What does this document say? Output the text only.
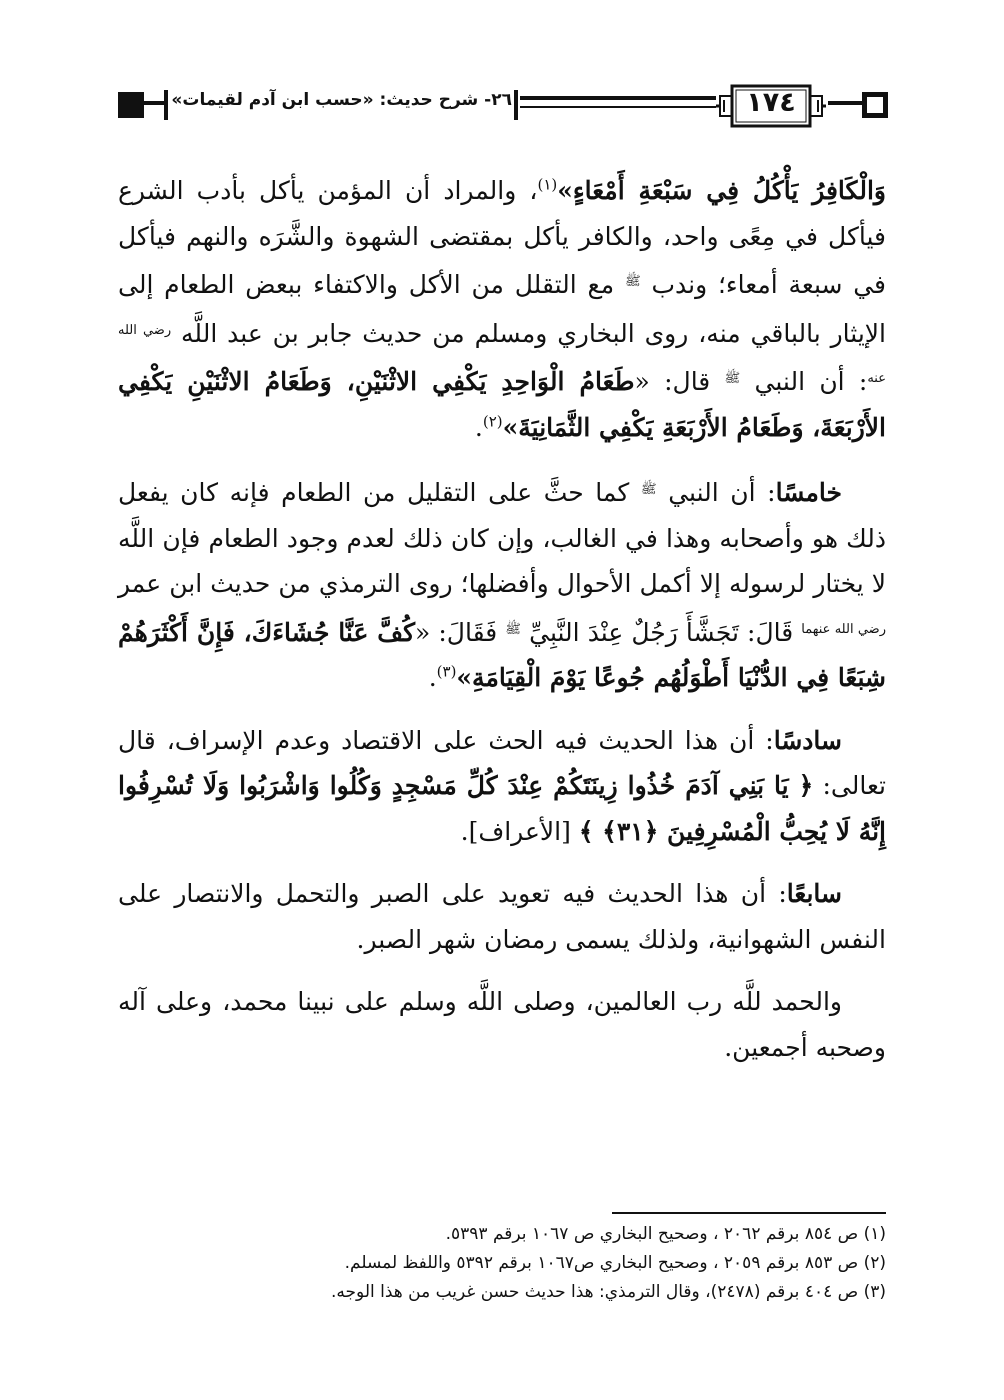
١٧٤
٢٦- شرح حديث: «حسب ابن آدم لقيمات»

وَالْكَافِرُ يَأْكُلُ فِي سَبْعَةِ أَمْعَاءٍ»$^{(١)}$، والمراد أن المؤمن يأكل بأدب الشرع فيأكل في مِعًى واحد، والكافر يأكل بمقتضى الشهوة والشَّرَه والنهم فيأكل في سبعة أمعاء؛ وندب $^ﷺ$ مع التقلل من الأكل والاكتفاء ببعض الطعام إلى الإيثار بالباقي منه، روى البخاري ومسلم من حديث جابر بن عبد اللَّه $^{رضي الله عنه}$: أن النبي $^ﷺ$ قال: «طَعَامُ الْوَاحِدِ يَكْفِي الاثْنَيْنِ، وَطَعَامُ الاثْنَيْنِ يَكْفِي الأَرْبَعَةَ، وَطَعَامُ الأَرْبَعَةِ يَكْفِي الثَّمَانِيَةَ»$^{(٢)}$.

خامسًا: أن النبي $^ﷺ$ كما حثَّ على التقليل من الطعام فإنه كان يفعل ذلك هو وأصحابه وهذا في الغالب، وإن كان ذلك لعدم وجود الطعام فإن اللَّه لا يختار لرسوله إلا أكمل الأحوال وأفضلها؛ روى الترمذي من حديث ابن عمر $^{رضي الله عنهما}$ قَالَ: تَجَشَّأَ رَجُلٌ عِنْدَ النَّبِيِّ $^ﷺ$ فَقَالَ: «كُفَّ عَنَّا جُشَاءَكَ، فَإِنَّ أَكْثَرَهُمْ شِبَعًا فِي الدُّنْيَا أَطْوَلُهُم جُوعًا يَوْمَ الْقِيَامَةِ»$^{(٣)}$.

سادسًا: أن هذا الحديث فيه الحث على الاقتصاد وعدم الإسراف، قال تعالى: ﴿ يَا بَنِي آدَمَ خُذُوا زِينَتَكُمْ عِنْدَ كُلِّ مَسْجِدٍ وَكُلُوا وَاشْرَبُوا وَلَا تُسْرِفُوا إِنَّهُ لَا يُحِبُّ الْمُسْرِفِينَ ﴿٣١﴾ ﴾ [الأعراف].

سابعًا: أن هذا الحديث فيه تعويد على الصبر والتحمل والانتصار على النفس الشهوانية، ولذلك يسمى رمضان شهر الصبر.

والحمد للَّه رب العالمين، وصلى اللَّه وسلم على نبينا محمد، وعلى آله وصحبه أجمعين.

(١) ص ٨٥٤ برقم ٢٠٦٢ ، وصحيح البخاري ص ١٠٦٧ برقم ٥٣٩٣.
(٢) ص ٨٥٣ برقم ٢٠٥٩ ، وصحيح البخاري ص١٠٦٧ برقم ٥٣٩٢ واللفظ لمسلم.
(٣) ص ٤٠٤ برقم (٢٤٧٨)، وقال الترمذي: هذا حديث حسن غريب من هذا الوجه.
